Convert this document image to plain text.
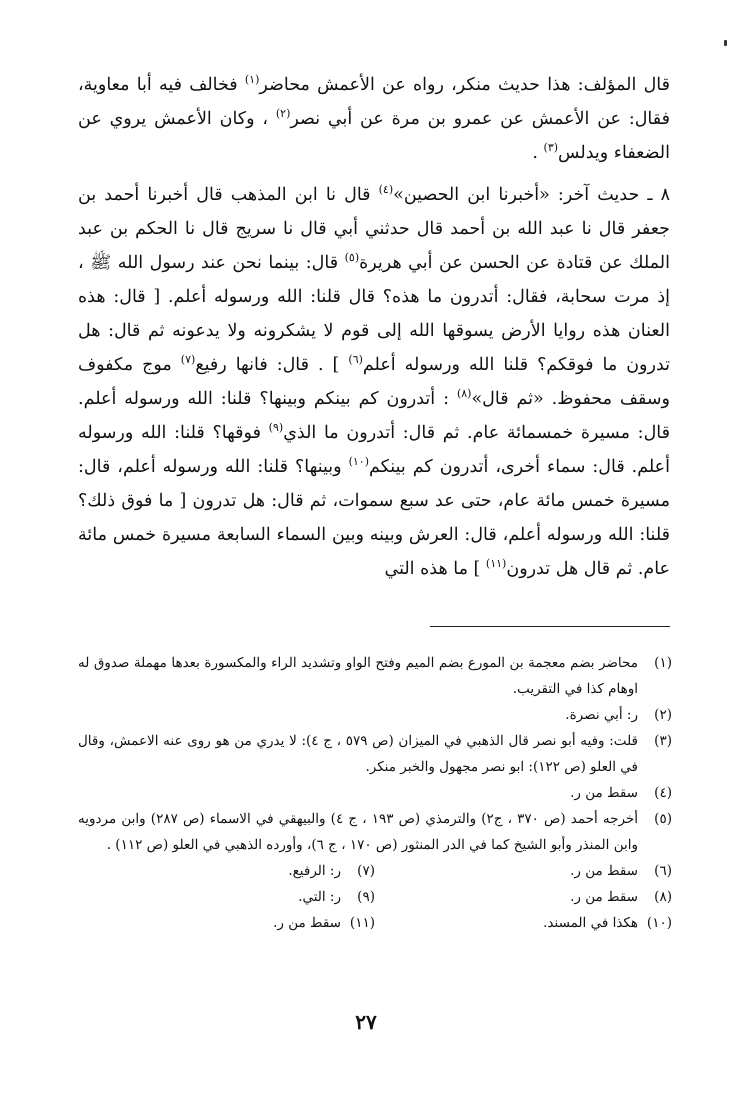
قال المؤلف: هذا حديث منكر، رواه عن الأعمش محاضر$^{(١)}$ فخالف فيه أبا معاوية، فقال: عن الأعمش عن عمرو بن مرة عن أبي نصر$^{(٢)}$ ، وكان الأعمش يروي عن الضعفاء ويدلس$^{(٣)}$ .

٨ ـ حديث آخر: «أخبرنا ابن الحصين»$^{(٤)}$ قال نا ابن المذهب قال أخبرنا أحمد بن جعفر قال نا عبد الله بن أحمد قال حدثني أبي قال نا سريج قال نا الحكم بن عبد الملك عن قتادة عن الحسن عن أبي هريرة$^{(٥)}$ قال: بينما نحن عند رسول الله ﷺ ، إذ مرت سحابة، فقال: أتدرون ما هذه؟ قال قلنا: الله ورسوله أعلم. [ قال: هذه العنان هذه روايا الأرض يسوقها الله إلى قوم لا يشكرونه ولا يدعونه ثم قال: هل تدرون ما فوقكم؟ قلنا الله ورسوله أعلم$^{(٦)}$ ] . قال: فانها رفيع$^{(٧)}$ موج مكفوف وسقف محفوظ. «ثم قال»$^{(٨)}$ : أتدرون كم بينكم وبينها؟ قلنا: الله ورسوله أعلم. قال: مسيرة خمسمائة عام. ثم قال: أتدرون ما الذي$^{(٩)}$ فوقها؟ قلنا: الله ورسوله أعلم. قال: سماء أخرى، أتدرون كم بينكم$^{(١٠)}$ وبينها؟ قلنا: الله ورسوله أعلم، قال: مسيرة خمس مائة عام، حتى عد سبع سموات، ثم قال: هل تدرون [ ما فوق ذلك؟ قلنا: الله ورسوله أعلم، قال: العرش وبينه وبين السماء السابعة مسيرة خمس مائة عام. ثم قال هل تدرون$^{(١١)}$ ] ما هذه التي

(١)
محاضر بضم معجمة بن المورع بضم الميم وفتح الواو وتشديد الراء والمكسورة بعدها مهملة صدوق له اوهام كذا في التقريب.
(٢)
ر: أبي نصرة.
(٣)
قلت: وفيه أبو نصر قال الذهبي في الميزان (ص ٥٧٩ ، ج ٤): لا يدري من هو روى عنه الاعمش، وقال في العلو (ص ١٢٢): ابو نصر مجهول والخبر منكر.
(٤)
سقط من ر.
(٥)
أخرجه أحمد (ص ٣٧٠ ، ج٢) والترمذي (ص ١٩٣ ، ج ٤) والبيهقي في الاسماء (ص ٢٨٧) وابن مردويه وابن المنذر وأبو الشيخ كما في الدر المنثور (ص ١٧٠ ، ج ٦)، وأورده الذهبي في العلو (ص ١١٢) .
(٦)
سقط من ر.
(٨)
سقط من ر.
(١٠)
هكذا في المسند.
(٧)
ر: الرفيع.
(٩)
ر: التي.
(١١)
سقط من ر.
٢٧
